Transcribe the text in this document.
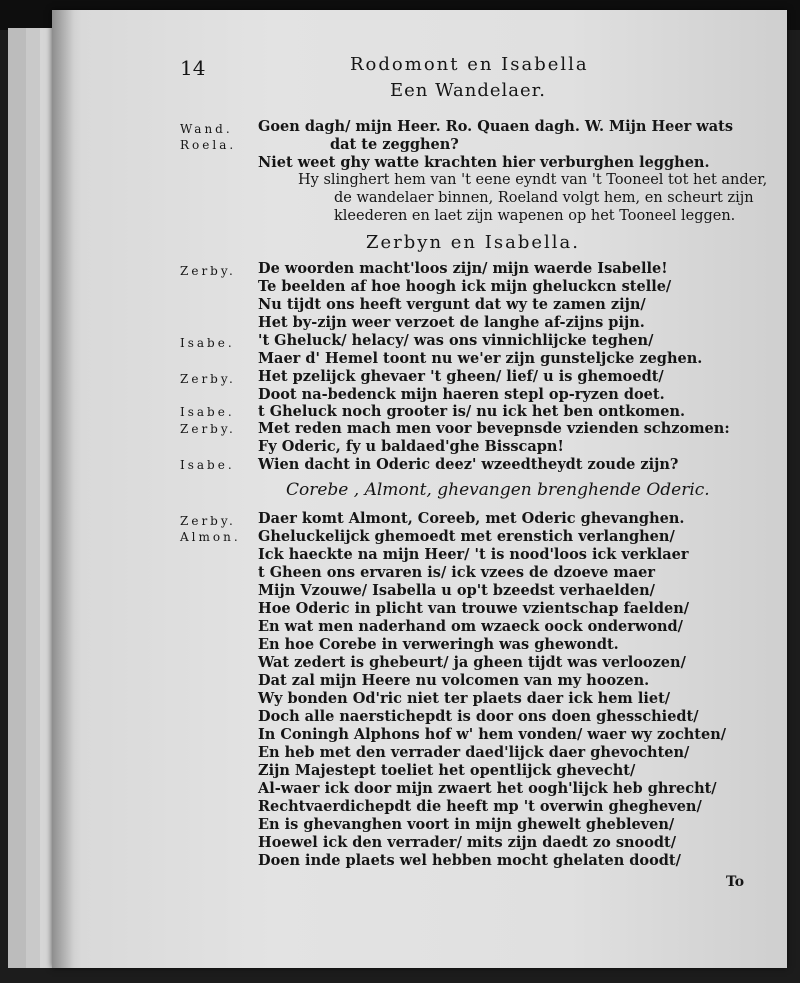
14	Rodomont en Isabella
Een Wandelaer.
Wand. Goen dagh/ mijn Heer. Ro. Quaen dagh. W. Mijn Heer wats
Roela.	dat te zegghen?
Niet weet ghy watte krachten hier verburghen legghen.
Hy slinghert hem van 't eene eyndt van 't Tooneel tot het ander,
de wandelaer binnen, Roeland volgt hem, en scheurt zijn
kleederen en laet zijn wapenen op het Tooneel leggen.
Zerbyn en Isabella.
Zerby. De woorden macht'loos zijn/ mijn waerde Isabelle!
Te beelden af hoe hoogh ick mijn gheluckcn stelle/
Nu tijdt ons heeft vergunt dat wy te zamen zijn/
Het by-zijn weer verzoet de langhe af-zijns pijn.
Isabe. 't Gheluck/ helacy/ was ons vinnichlijcke teghen/
Maer d' Hemel toont nu we'er zijn gunsteljcke zeghen.
Zerby. Het pzelijck ghevaer 't gheen/ lief/ u is ghemoedt/
Doot na-bedenck mijn haeren stepl op-ryzen doet.
Isabe. t Gheluck noch grooter is/ nu ick het ben ontkomen.
Zerby. Met reden mach men voor bevepnsde vzienden schzomen:
Fy Oderic, fy u baldaed'ghe Bisscapn!
Isabe. Wien dacht in Oderic deez' wzeedtheydt zoude zijn?
Corebe , Almont, ghevangen brenghende Oderic.
Zerby. Daer komt Almont, Coreeb, met Oderic ghevanghen.
Almon. Gheluckelijck ghemoedt met erenstich verlanghen/
Ick haeckte na mijn Heer/ 't is nood'loos ick verklaer
t Gheen ons ervaren is/ ick vzees de dzoeve maer
Mijn Vzouwe/ Isabella u op't bzeedst verhaelden/
Hoe Oderic in plicht van trouwe vzientschap faelden/
En wat men naderhand om wzaeck oock onderwond/
En hoe Corebe in verweringh was ghewondt.
Wat zedert is ghebeurt/ ja gheen tijdt was verloozen/
Dat zal mijn Heere nu volcomen van my hoozen.
Wy bonden Od'ric niet ter plaets daer ick hem liet/
Doch alle naerstichepdt is door ons doen ghesschiedt/
In Coningh Alphons hof w' hem vonden/ waer wy zochten/
En heb met den verrader daed'lijck daer ghevochten/
Zijn Majestept toeliet het opentlijck ghevecht/
Al-waer ick door mijn zwaert het oogh'lijck heb ghrecht/
Rechtvaerdichepdt die heeft mp 't overwin ghegheven/
En is ghevanghen voort in mijn ghewelt ghebleven/
Hoewel ick den verrader/ mits zijn daedt zo snoodt/
Doen inde plaets wel hebben mocht ghelaten doodt/
To
